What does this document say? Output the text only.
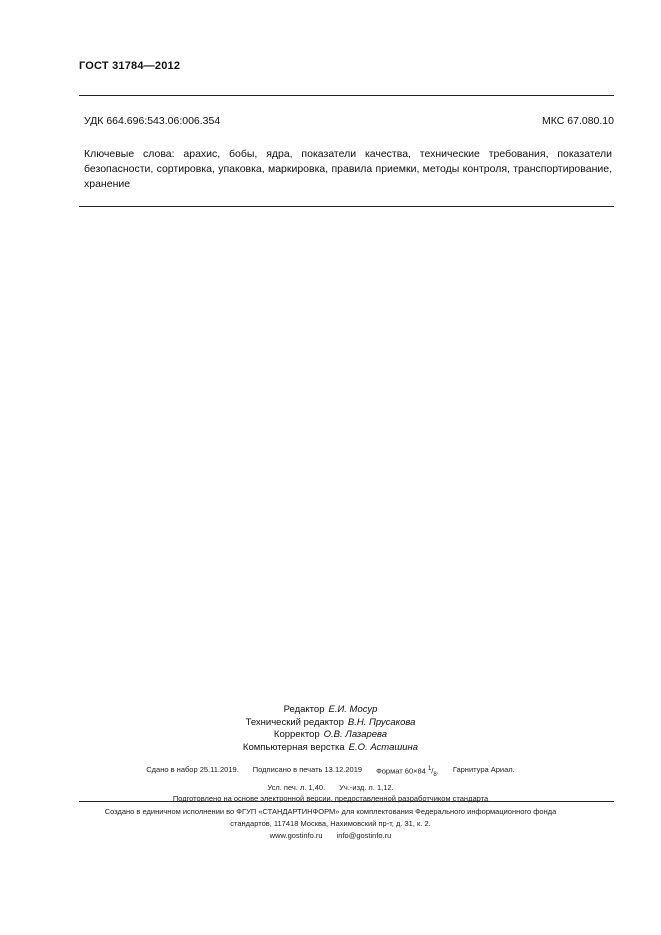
ГОСТ 31784—2012
УДК 664.696:543.06:006.354	МКС 67.080.10
Ключевые слова: арахис, бобы, ядра, показатели качества, технические требования, показатели безопасности, сортировка, упаковка, маркировка, правила приемки, методы контроля, транспортирование, хранение
Редактор Е.И. Мосур
Технический редактор В.Н. Прусакова
Корректор О.В. Лазарева
Компьютерная верстка Е.О. Асташина
Сдано в набор 25.11.2019. Подписано в печать 13.12.2019 Формат 60×84 $^1/_8$. Гарнитура Ариал.
Усл. печ. л. 1,40. Уч.-изд. л. 1,12.
Подготовлено на основе электронной версии, предоставленной разработчиком стандарта
Создано в единичном исполнении во ФГУП «СТАНДАРТИНФОРМ» для комплектования Федерального информационного фонда
стандартов, 117418 Москва, Нахимовский пр-т, д. 31, к. 2.
www.gostinfo.ru info@gostinfo.ru
